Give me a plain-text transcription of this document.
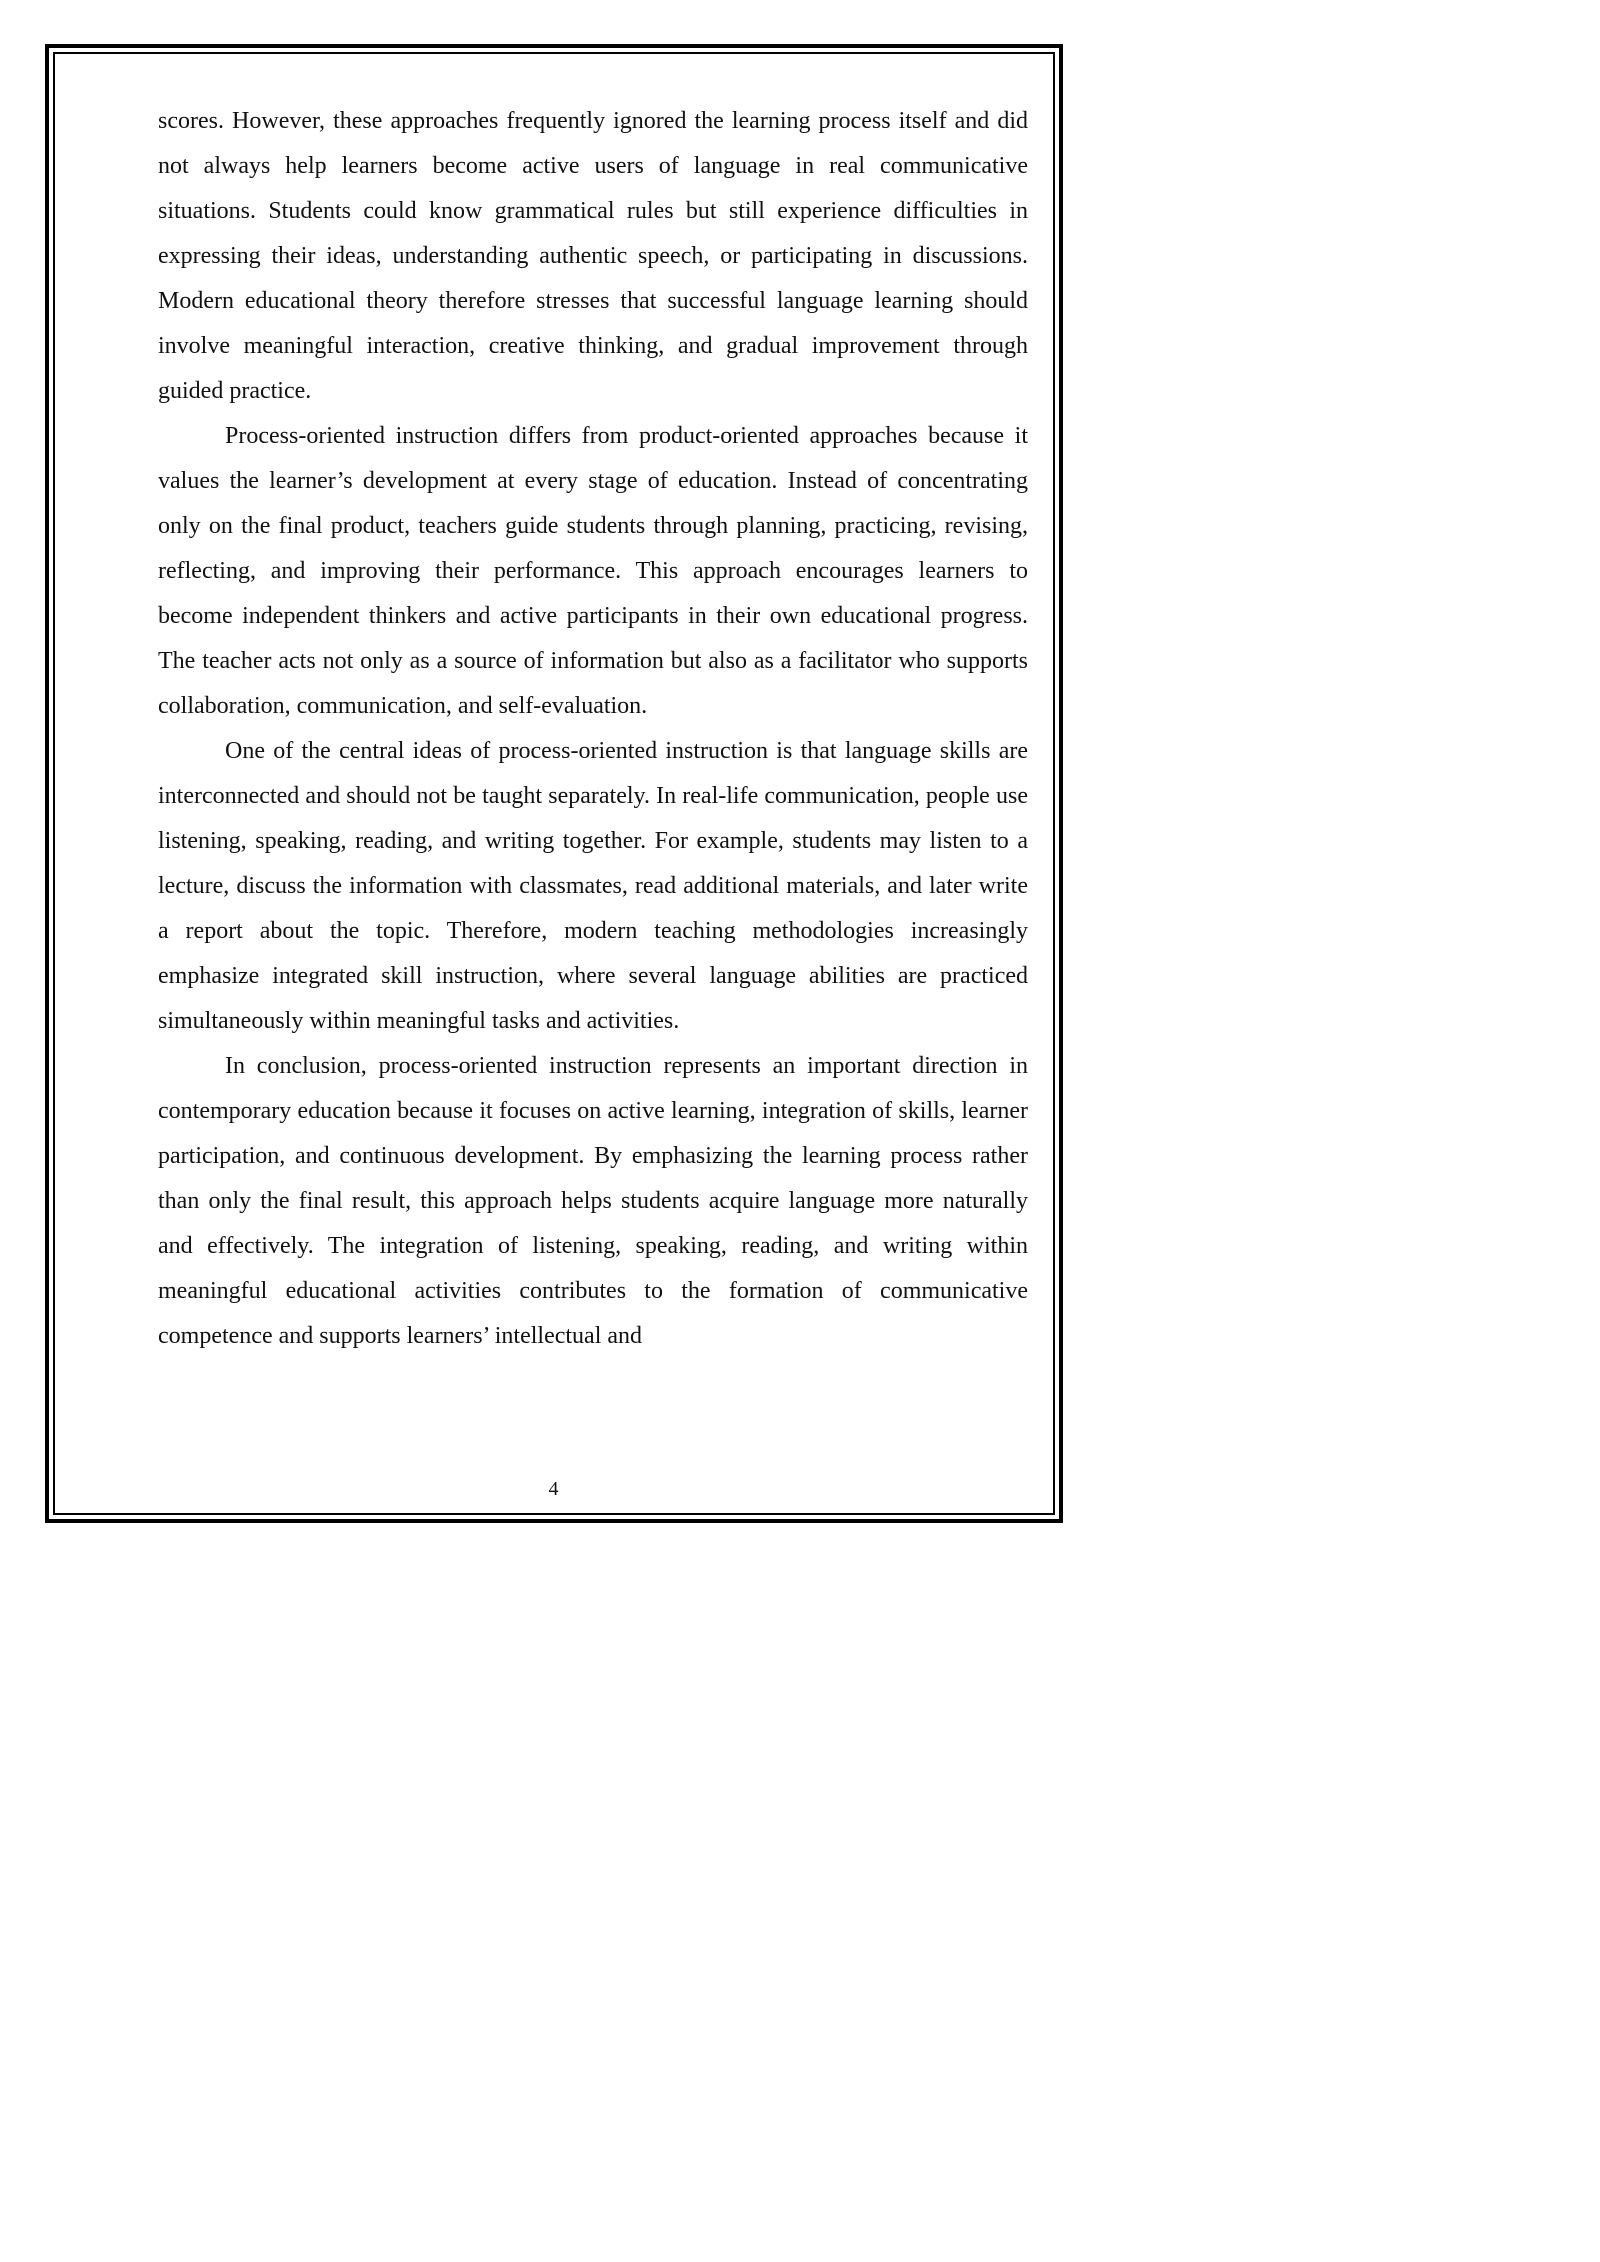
scores. However, these approaches frequently ignored the learning process itself and did not always help learners become active users of language in real communicative situations. Students could know grammatical rules but still experience difficulties in expressing their ideas, understanding authentic speech, or participating in discussions. Modern educational theory therefore stresses that successful language learning should involve meaningful interaction, creative thinking, and gradual improvement through guided practice.

Process-oriented instruction differs from product-oriented approaches because it values the learner’s development at every stage of education. Instead of concentrating only on the final product, teachers guide students through planning, practicing, revising, reflecting, and improving their performance. This approach encourages learners to become independent thinkers and active participants in their own educational progress. The teacher acts not only as a source of information but also as a facilitator who supports collaboration, communication, and self-evaluation.

One of the central ideas of process-oriented instruction is that language skills are interconnected and should not be taught separately. In real-life communication, people use listening, speaking, reading, and writing together. For example, students may listen to a lecture, discuss the information with classmates, read additional materials, and later write a report about the topic. Therefore, modern teaching methodologies increasingly emphasize integrated skill instruction, where several language abilities are practiced simultaneously within meaningful tasks and activities.

In conclusion, process-oriented instruction represents an important direction in contemporary education because it focuses on active learning, integration of skills, learner participation, and continuous development. By emphasizing the learning process rather than only the final result, this approach helps students acquire language more naturally and effectively. The integration of listening, speaking, reading, and writing within meaningful educational activities contributes to the formation of communicative competence and supports learners’ intellectual and

4
